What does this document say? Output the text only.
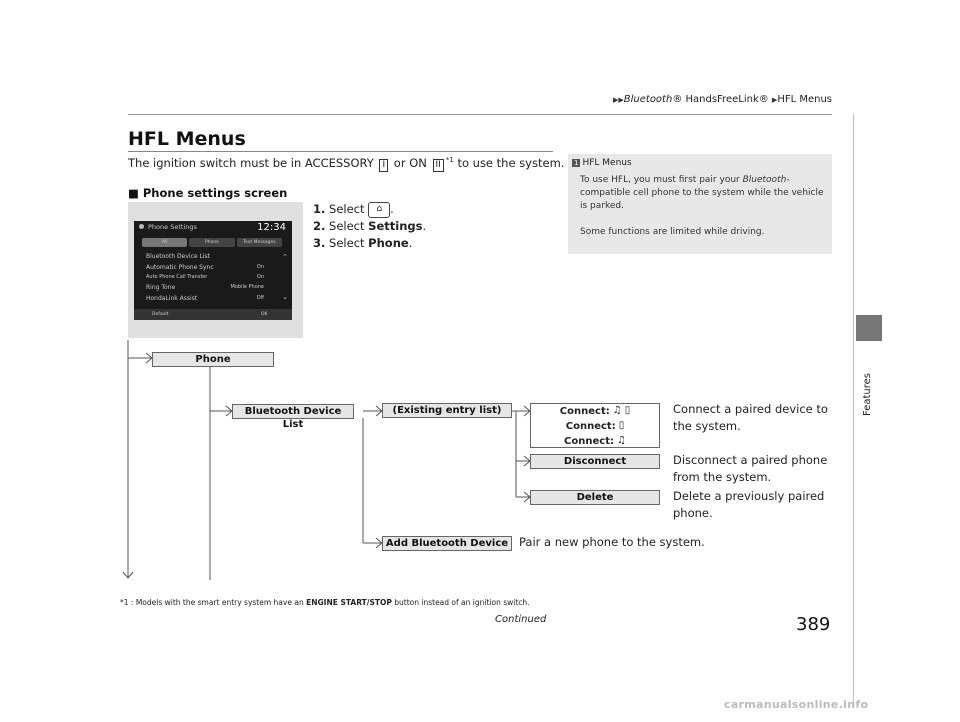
▶▶Bluetooth® HandsFreeLink® ▶HFL Menus
HFL Menus
The ignition switch must be in ACCESSORY I or ON II $^{*1}$ to use the system.
■ Phone settings screen
1. Select ⌂ .
2. Select Settings.
3. Select Phone.
1 HFL Menus
To use HFL, you must first pair your Bluetooth-compatible cell phone to the system while the vehicle is parked.
Some functions are limited while driving.
Features
Phone Settings	12:34
All	Phone	Text Messages
Bluetooth Device List
Automatic Phone Sync	On
Auto Phone Call Transfer	On
Ring Tone	Mobile Phone
HondaLink Assist	Off
⌃
⌄
Default	OK
Phone
Bluetooth Device List
(Existing entry list)	Connect: ♫ ▯
Connect: ▯
Connect: ♫
Disconnect
Delete
Add Bluetooth Device
Connect a paired device to
the system.
Disconnect a paired phone
from the system.
Delete a previously paired
phone.
Pair a new phone to the system.
*1 : Models with the smart entry system have an ENGINE START/STOP button instead of an ignition switch.
Continued	389
carmanualsonline.info
